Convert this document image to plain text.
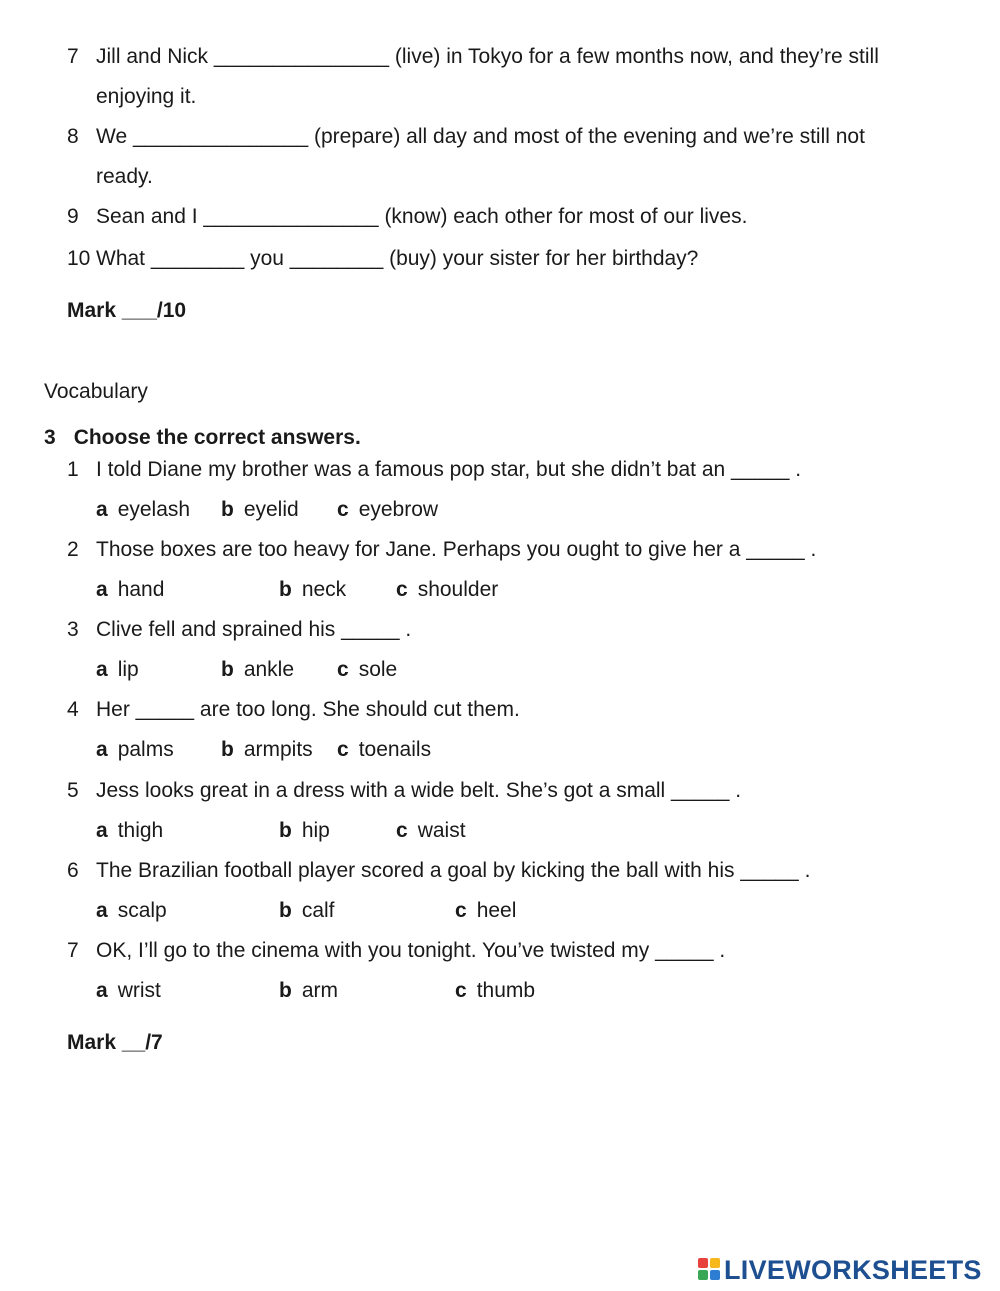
7 Jill and Nick _______________ (live) in Tokyo for a few months now, and they’re still
enjoying it.
8 We _______________ (prepare) all day and most of the evening and we’re still not
ready.
9 Sean and I _______________ (know) each other for most of our lives.
10 What ________ you ________ (buy) your sister for her birthday?
Mark ___/10
Vocabulary
3 Choose the correct answers.
1 I told Diane my brother was a famous pop star, but she didn’t bat an _____ .
a eyelash b eyelid c eyebrow
2 Those boxes are too heavy for Jane. Perhaps you ought to give her a _____ .
a hand	b neck c shoulder
3 Clive fell and sprained his _____ .
a lip	b ankle c sole
4 Her _____ are too long. She should cut them.
a palms b armpits c toenails
5 Jess looks great in a dress with a wide belt. She’s got a small _____ .
a thigh	b hip	c waist
6 The Brazilian football player scored a goal by kicking the ball with his _____ .
a scalp	b calf	c heel
7 OK, I’ll go to the cinema with you tonight. You’ve twisted my _____ .
a wrist	b arm	c thumb
Mark __/7
LIVEWORKSHEETS
